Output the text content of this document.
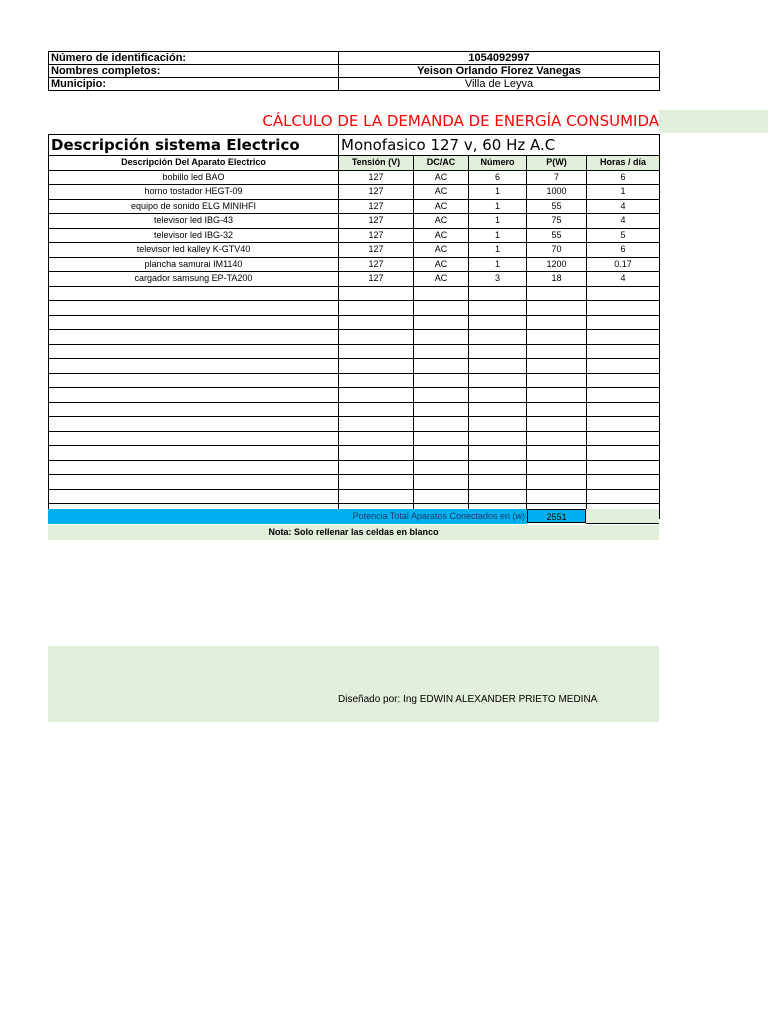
Número de identificación:	1054092997
Nombres completos:	Yeison Orlando Florez Vanegas
Municipio:	Villa de Leyva
CÁLCULO DE LA DEMANDA DE ENERGÍA CONSUMIDA
Descripción sistema Electrico	Monofasico 127 v, 60 Hz A.C				
Descripción Del Aparato Electrico	Tensión (V)	DC/AC	Número	P(W)	Horas / día
bobillo led BAO	127	AC	6	7	6
horno tostador HEGT-09	127	AC	1	1000	1
equipo de sonido ELG MINIHFI	127	AC	1	55	4
televisor led IBG-43	127	AC	1	75	4
televisor led IBG-32	127	AC	1	55	5
televisor led kalley K-GTV40	127	AC	1	70	6
plancha samurai IM1140	127	AC	1	1200	0.17
cargador samsung EP-TA200	127	AC	3	18	4

Potencia Total Aparatos Conectados en (w)	2551
Nota: Solo rellenar las celdas en blanco
Diseñado por: Ing EDWIN ALEXANDER PRIETO MEDINA
